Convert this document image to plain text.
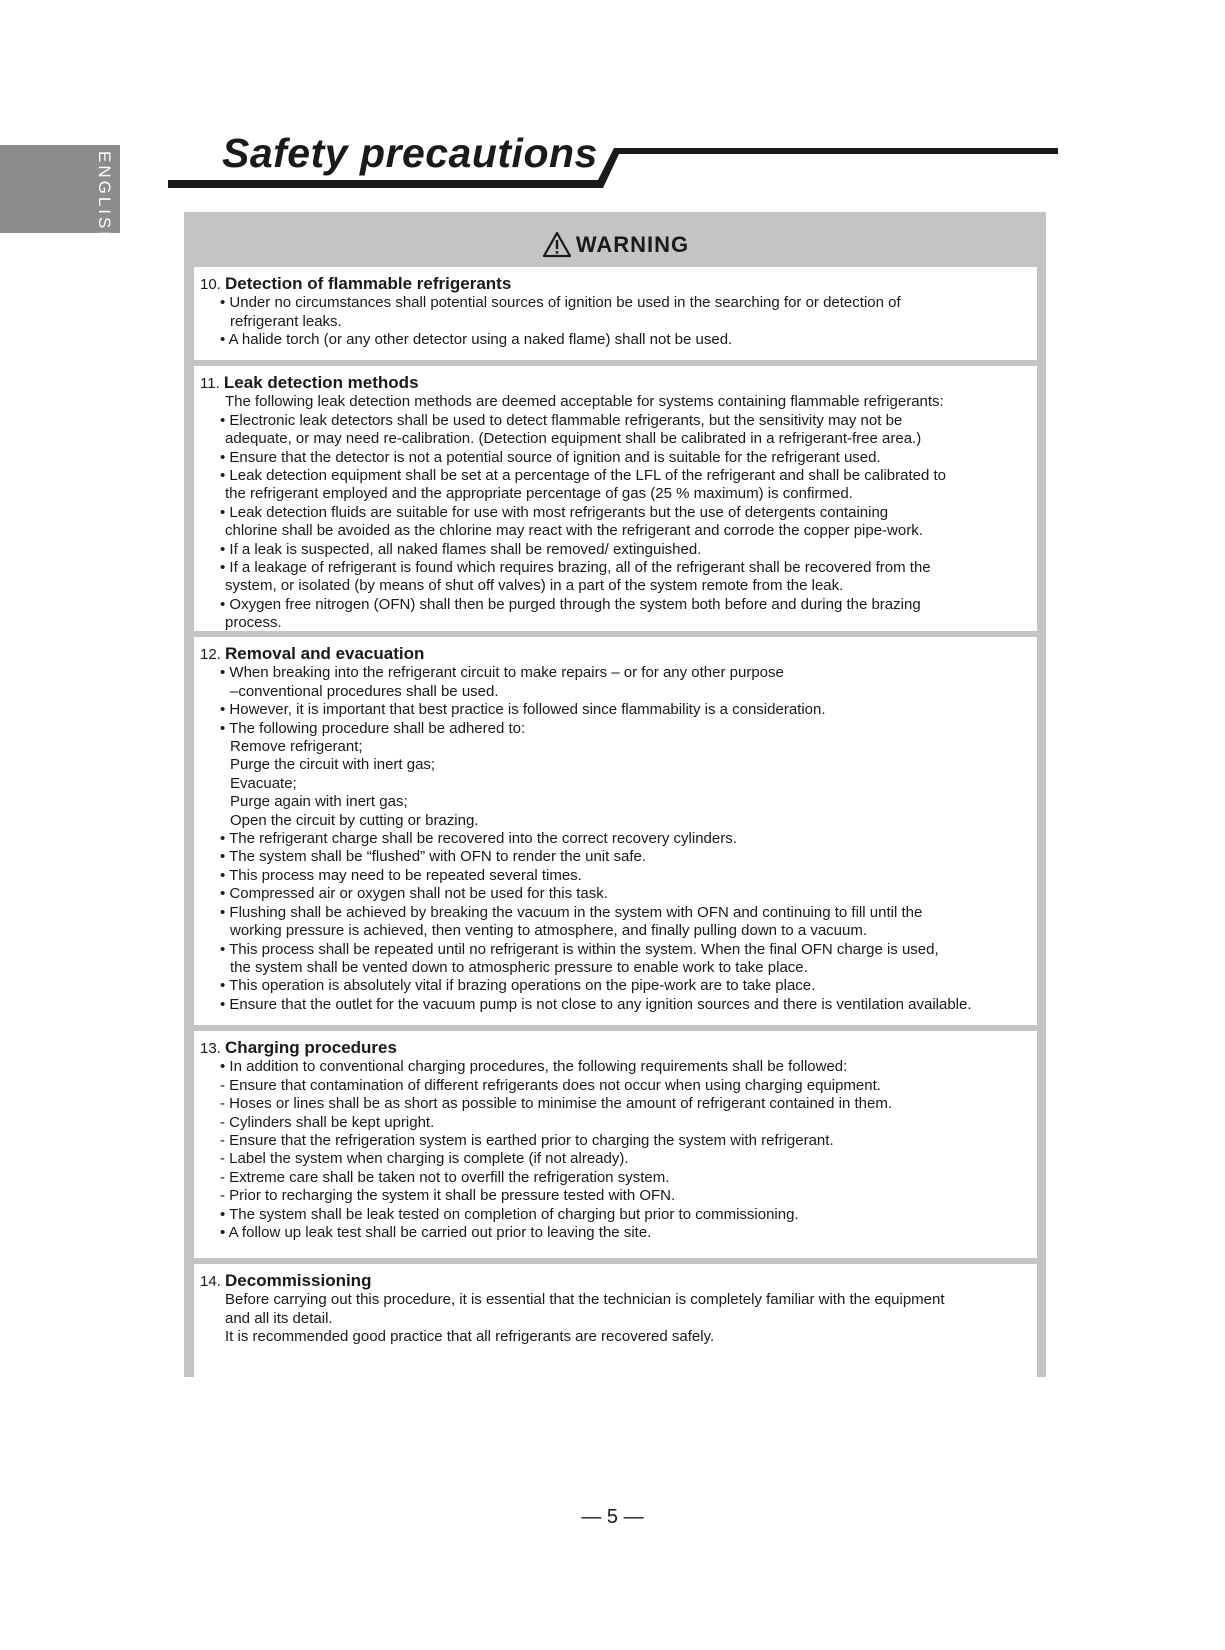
ENGLISH	Safety precautions
WARNING
10. Detection of flammable refrigerants
• Under no circumstances shall potential sources of ignition be used in the searching for or detection of
refrigerant leaks.
• A halide torch (or any other detector using a naked flame) shall not be used.
11. Leak detection methods
The following leak detection methods are deemed acceptable for systems containing flammable refrigerants:
• Electronic leak detectors shall be used to detect flammable refrigerants, but the sensitivity may not be
adequate, or may need re-calibration. (Detection equipment shall be calibrated in a refrigerant-free area.)
• Ensure that the detector is not a potential source of ignition and is suitable for the refrigerant used.
• Leak detection equipment shall be set at a percentage of the LFL of the refrigerant and shall be calibrated to
the refrigerant employed and the appropriate percentage of gas (25 % maximum) is confirmed.
• Leak detection fluids are suitable for use with most refrigerants but the use of detergents containing
chlorine shall be avoided as the chlorine may react with the refrigerant and corrode the copper pipe-work.
• If a leak is suspected, all naked flames shall be removed/ extinguished.
• If a leakage of refrigerant is found which requires brazing, all of the refrigerant shall be recovered from the
system, or isolated (by means of shut off valves) in a part of the system remote from the leak.
• Oxygen free nitrogen (OFN) shall then be purged through the system both before and during the brazing
process.
12. Removal and evacuation
• When breaking into the refrigerant circuit to make repairs – or for any other purpose
–conventional procedures shall be used.
• However, it is important that best practice is followed since flammability is a consideration.
• The following procedure shall be adhered to:
Remove refrigerant;
Purge the circuit with inert gas;
Evacuate;
Purge again with inert gas;
Open the circuit by cutting or brazing.
• The refrigerant charge shall be recovered into the correct recovery cylinders.
• The system shall be “flushed” with OFN to render the unit safe.
• This process may need to be repeated several times.
• Compressed air or oxygen shall not be used for this task.
• Flushing shall be achieved by breaking the vacuum in the system with OFN and continuing to fill until the
working pressure is achieved, then venting to atmosphere, and finally pulling down to a vacuum.
• This process shall be repeated until no refrigerant is within the system. When the final OFN charge is used,
the system shall be vented down to atmospheric pressure to enable work to take place.
• This operation is absolutely vital if brazing operations on the pipe-work are to take place.
• Ensure that the outlet for the vacuum pump is not close to any ignition sources and there is ventilation available.
13. Charging procedures
• In addition to conventional charging procedures, the following requirements shall be followed:
- Ensure that contamination of different refrigerants does not occur when using charging equipment.
- Hoses or lines shall be as short as possible to minimise the amount of refrigerant contained in them.
- Cylinders shall be kept upright.
- Ensure that the refrigeration system is earthed prior to charging the system with refrigerant.
- Label the system when charging is complete (if not already).
- Extreme care shall be taken not to overfill the refrigeration system.
- Prior to recharging the system it shall be pressure tested with OFN.
• The system shall be leak tested on completion of charging but prior to commissioning.
• A follow up leak test shall be carried out prior to leaving the site.
14. Decommissioning
Before carrying out this procedure, it is essential that the technician is completely familiar with the equipment
and all its detail.
It is recommended good practice that all refrigerants are recovered safely.
— 5 —
